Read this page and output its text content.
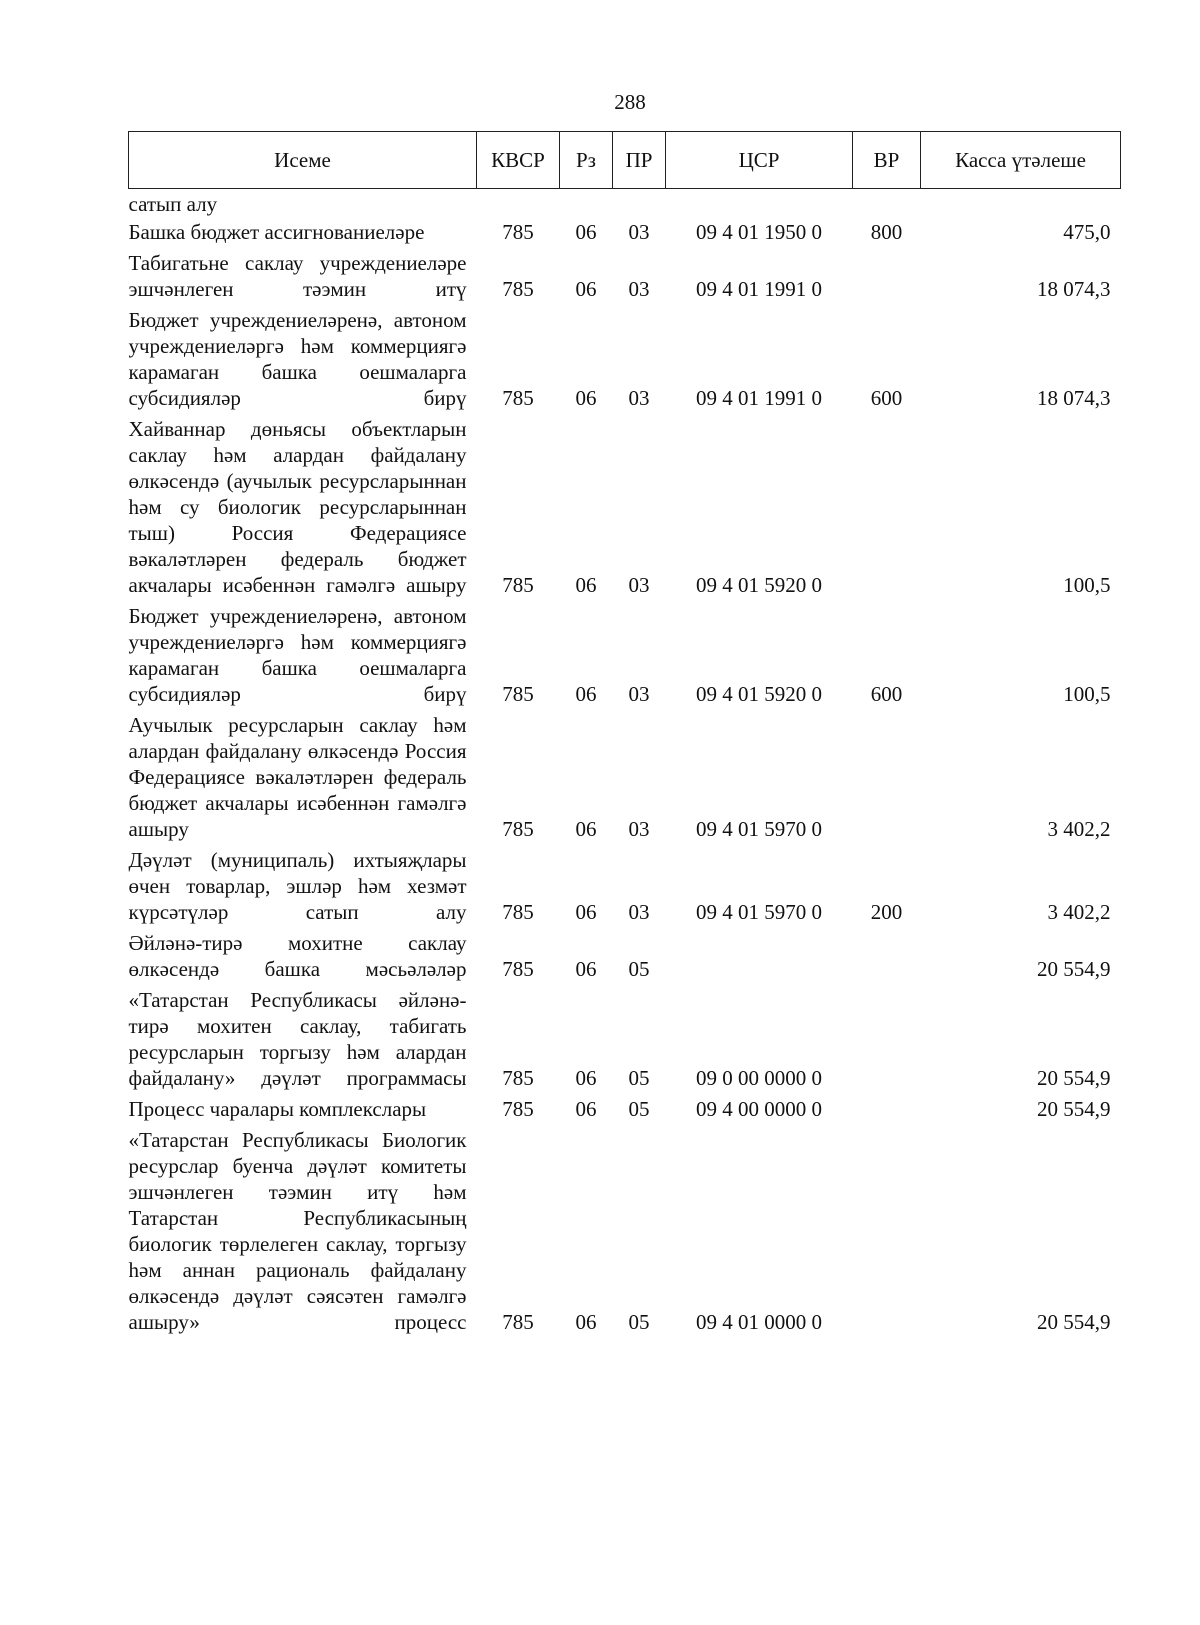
288
Исеме	КВСР	Рз	ПР	ЦСР	ВР	Касса үтәлеше
сатып алу						
Башка бюджет ассигнованиеләре	785	06	03	09 4 01 1950 0	800	475,0
Табигатьне саклау учреждениеләре эшчәнлеген тәэмин итү	785	06	03	09 4 01 1991 0		18 074,3
Бюджет учреждениеләренә, автоном учреждениеләргә һәм коммерциягә карамаган башка оешмаларга субсидияләр бирү	785	06	03	09 4 01 1991 0	600	18 074,3
Хайваннар дөньясы объектларын саклау һәм алардан файдалану өлкәсендә (аучылык ресурсларыннан һәм су биологик ресурсларыннан тыш) Россия Федерациясе вәкаләтләрен федераль бюджет акчалары исәбеннән гамәлгә ашыру	785	06	03	09 4 01 5920 0		100,5
Бюджет учреждениеләренә, автоном учреждениеләргә һәм коммерциягә карамаган башка оешмаларга субсидияләр бирү	785	06	03	09 4 01 5920 0	600	100,5
Аучылык ресурсларын саклау һәм алардан файдалану өлкәсендә Россия Федерациясе вәкаләтләрен федераль бюджет акчалары исәбеннән гамәлгә ашыру	785	06	03	09 4 01 5970 0		3 402,2
Дәүләт (муниципаль) ихтыяҗлары өчен товарлар, эшләр һәм хезмәт күрсәтүләр сатып алу	785	06	03	09 4 01 5970 0	200	3 402,2
Әйләнә-тирә мохитне саклау өлкәсендә башка мәсьәләләр	785	06	05			20 554,9
«Татарстан Республикасы әйләнә-тирә мохитен саклау, табигать ресурсларын торгызу һәм алардан файдалану» дәүләт программасы	785	06	05	09 0 00 0000 0		20 554,9
Процесс чаралары комплекслары	785	06	05	09 4 00 0000 0		20 554,9
«Татарстан Республикасы Биологик ресурслар буенча дәүләт комитеты эшчәнлеген тәэмин итү һәм Татарстан Республикасының биологик төрлелеген саклау, торгызу һәм аннан рациональ файдалану өлкәсендә дәүләт сәясәтен гамәлгә ашыру» процесс	785	06	05	09 4 01 0000 0		20 554,9
